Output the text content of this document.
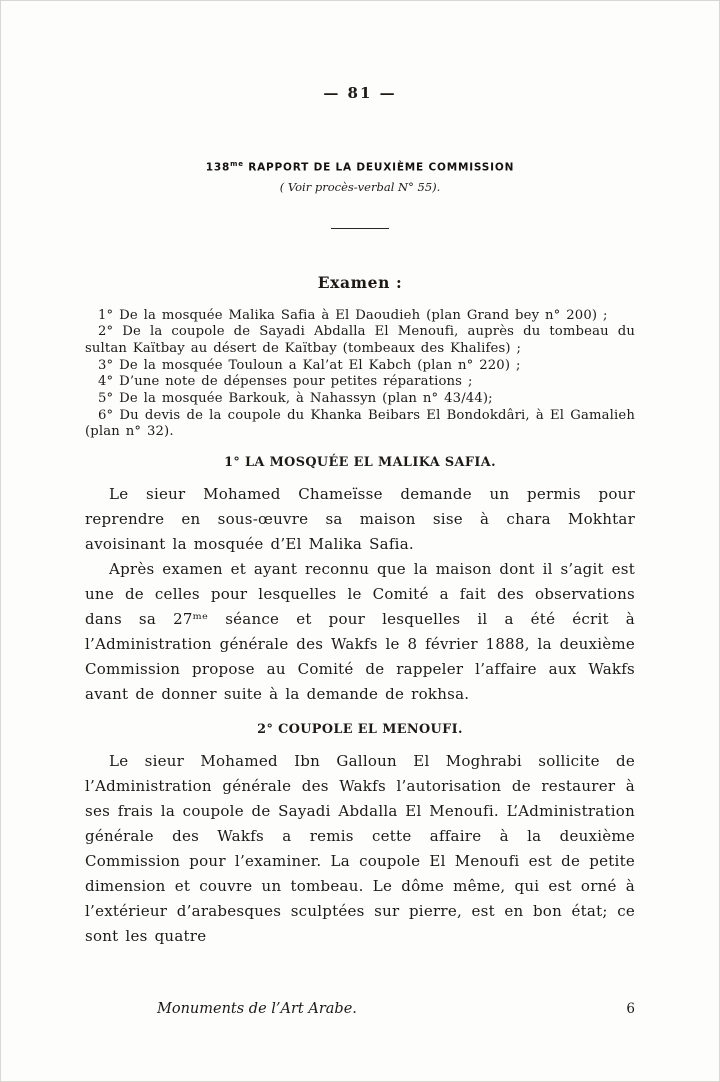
— 81 —
$138^{me}$ RAPPORT DE LA DEUXIÈME COMMISSION
( Voir procès-verbal N° 55).
Examen :

1° De la mosquée Malika Safia à El Daoudieh (plan Grand bey n° 200) ;

2° De la coupole de Sayadi Abdalla El Menoufi, auprès du tombeau du sultan Kaïtbay au désert de Kaïtbay (tombeaux des Khalifes) ;

3° De la mosquée Touloun a Kal’at El Kabch (plan n° 220) ;

4° D’une note de dépenses pour petites réparations ;

5° De la mosquée Barkouk, à Nahassyn (plan n° 43/44);

6° Du devis de la coupole du Khanka Beibars El Bondokdâri, à El Gamalieh (plan n° 32).

1° LA MOSQUÉE EL MALIKA SAFIA.

Le sieur Mohamed Chameïsse demande un permis pour reprendre en sous-œuvre sa maison sise à chara Mokhtar avoisinant la mosquée d’El Malika Safia.

Après examen et ayant reconnu que la maison dont il s’agit est une de celles pour lesquelles le Comité a fait des observations dans sa 27ᵐᵉ séance et pour lesquelles il a été écrit à l’Administration générale des Wakfs le 8 février 1888, la deuxième Commission propose au Comité de rappeler l’affaire aux Wakfs avant de donner suite à la demande de rokhsa.

2° COUPOLE EL MENOUFI.

Le sieur Mohamed Ibn Galloun El Moghrabi sollicite de l’Administration générale des Wakfs l’autorisation de restaurer à ses frais la coupole de Sayadi Abdalla El Menoufi. L’Administration générale des Wakfs a remis cette affaire à la deuxième Commission pour l’examiner. La coupole El Menoufi est de petite dimension et couvre un tombeau. Le dôme même, qui est orné à l’extérieur d’arabesques sculptées sur pierre, est en bon état; ce sont les quatre

Monuments de l’Art Arabe.	6
